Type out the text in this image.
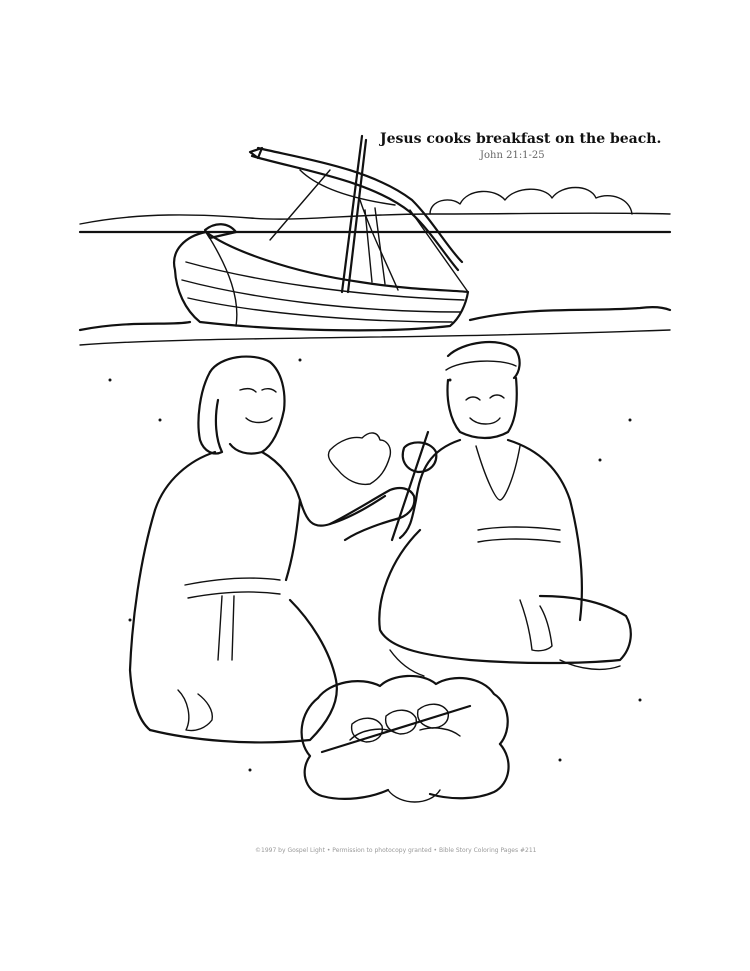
Jesus cooks breakfast on the beach.
John 21:1-25
©1997 by Gospel Light • Permission to photocopy granted • Bible Story Coloring Pages #211
